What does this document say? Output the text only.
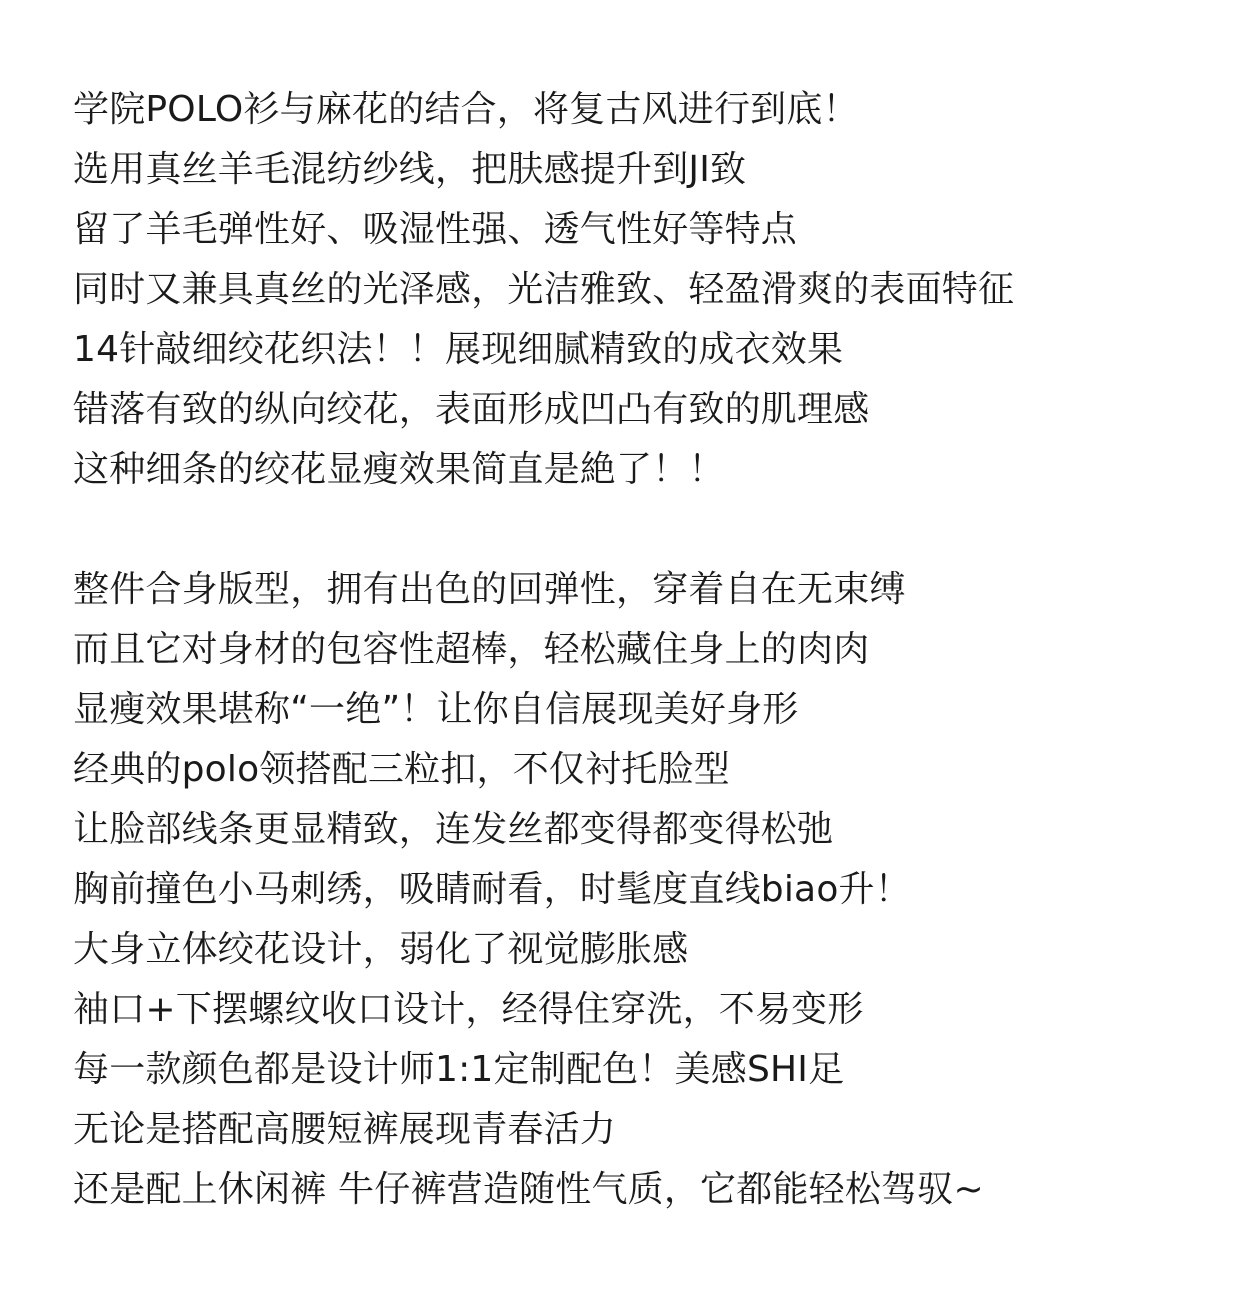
学院POLO衫与麻花的结合，将复古风进行到底！
选用真丝羊毛混纺纱线，把肤感提升到JI致
留了羊毛弹性好、吸湿性强、透气性好等特点
同时又兼具真丝的光泽感，光洁雅致、轻盈滑爽的表面特征
14针敲细绞花织法！！展现细腻精致的成衣效果
错落有致的纵向绞花，表面形成凹凸有致的肌理感
这种细条的绞花显瘦效果简直是絶了！！
整件合身版型，拥有出色的回弹性，穿着自在无束缚
而且它对身材的包容性超棒，轻松藏住身上的肉肉
显瘦效果堪称“一绝”！让你自信展现美好身形
经典的polo领搭配三粒扣，不仅衬托脸型
让脸部线条更显精致，连发丝都变得都变得松弛
胸前撞色小马刺绣，吸睛耐看，时髦度直线biao升！
大身立体绞花设计，弱化了视觉膨胀感
袖口+下摆螺纹收口设计，经得住穿洗，不易变形
每一款颜色都是设计师1:1定制配色！美感SHI足
无论是搭配高腰短裤展现青春活力
还是配上休闲裤 牛仔裤营造随性气质，它都能轻松驾驭~
